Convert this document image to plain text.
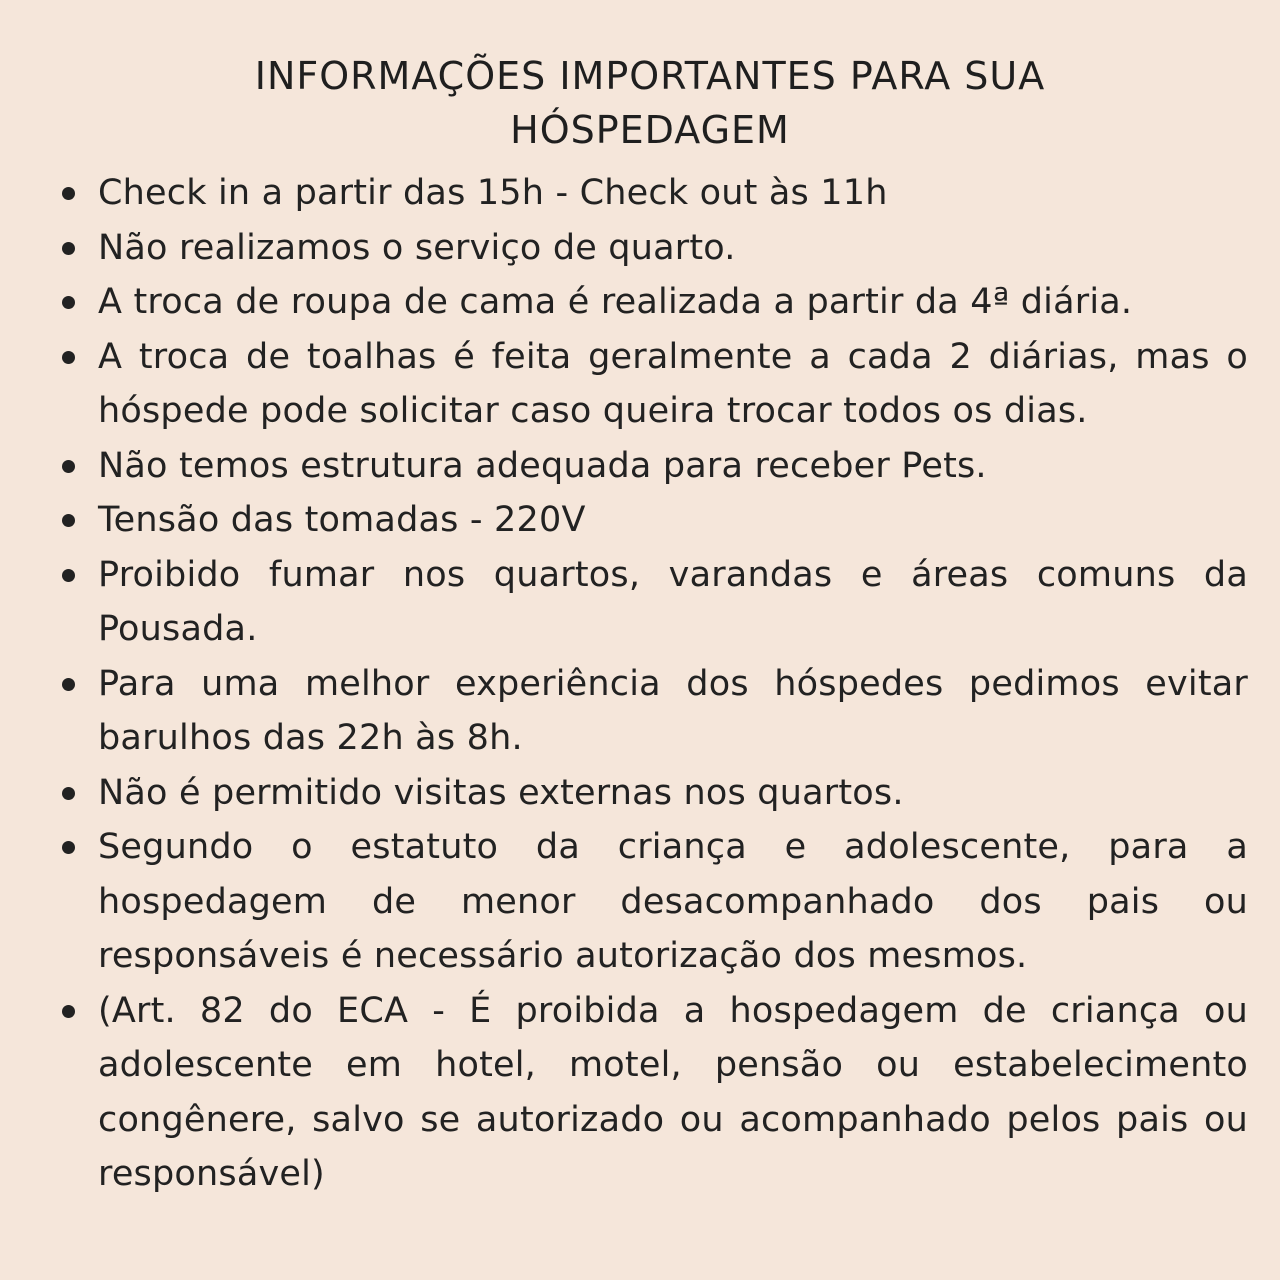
INFORMAÇÕES IMPORTANTES PARA SUA
HÓSPEDAGEM
Check in a partir das 15h - Check out às 11h
Não realizamos o serviço de quarto.
A troca de roupa de cama é realizada a partir da 4ª diária.
A troca de toalhas é feita geralmente a cada 2 diárias, mas o hóspede pode solicitar caso queira trocar todos os dias.
Não temos estrutura adequada para receber Pets.
Tensão das tomadas - 220V
Proibido fumar nos quartos, varandas e áreas comuns da Pousada.
Para uma melhor experiência dos hóspedes pedimos evitar barulhos das 22h às 8h.
Não é permitido visitas externas nos quartos.
Segundo o estatuto da criança e adolescente, para a hospedagem de menor desacompanhado dos pais ou responsáveis é necessário autorização dos mesmos.
(Art. 82 do ECA - É proibida a hospedagem de criança ou adolescente em hotel, motel, pensão ou estabelecimento congênere, salvo se autorizado ou acompanhado pelos pais ou responsável)
